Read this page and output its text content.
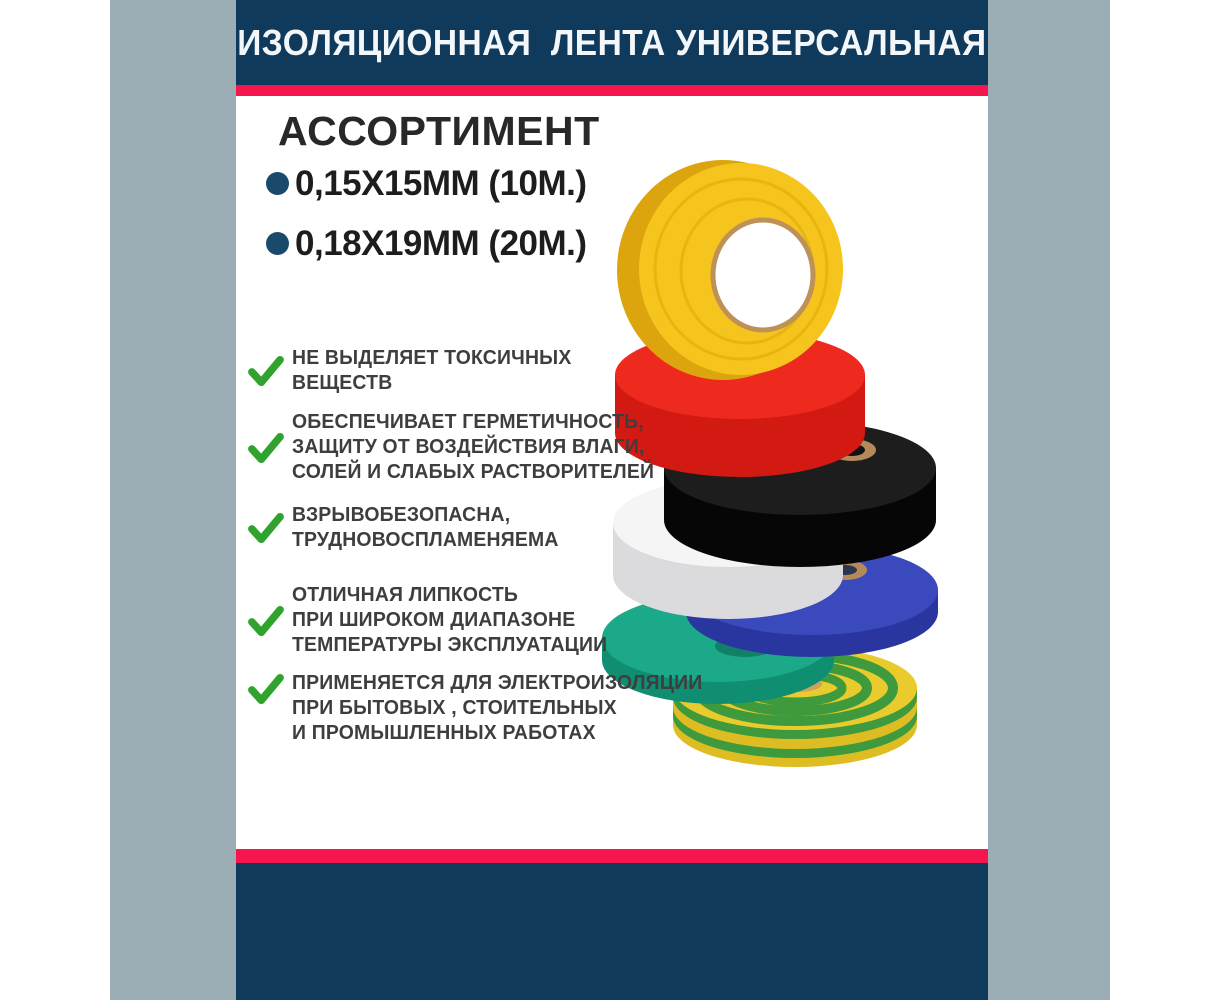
ИЗОЛЯЦИОННАЯ  ЛЕНТА УНИВЕРСАЛЬНАЯ
АССОРТИМЕНТ
0,15Х15ММ (10М.)
0,18Х19ММ (20М.)
НЕ ВЫДЕЛЯЕТ ТОКСИЧНЫХ
ВЕЩЕСТВ
ОБЕСПЕЧИВАЕТ ГЕРМЕТИЧНОСТЬ,
ЗАЩИТУ ОТ ВОЗДЕЙСТВИЯ ВЛАГИ,
СОЛЕЙ И СЛАБЫХ РАСТВОРИТЕЛЕЙ
ВЗРЫВОБЕЗОПАСНА,
ТРУДНОВОСПЛАМЕНЯЕМА
ОТЛИЧНАЯ ЛИПКОСТЬ
ПРИ ШИРОКОМ ДИАПАЗОНЕ
ТЕМПЕРАТУРЫ ЭКСПЛУАТАЦИИ
ПРИМЕНЯЕТСЯ ДЛЯ ЭЛЕКТРОИЗОЛЯЦИИ
ПРИ БЫТОВЫХ , СТОИТЕЛЬНЫХ
И ПРОМЫШЛЕННЫХ РАБОТАХ
